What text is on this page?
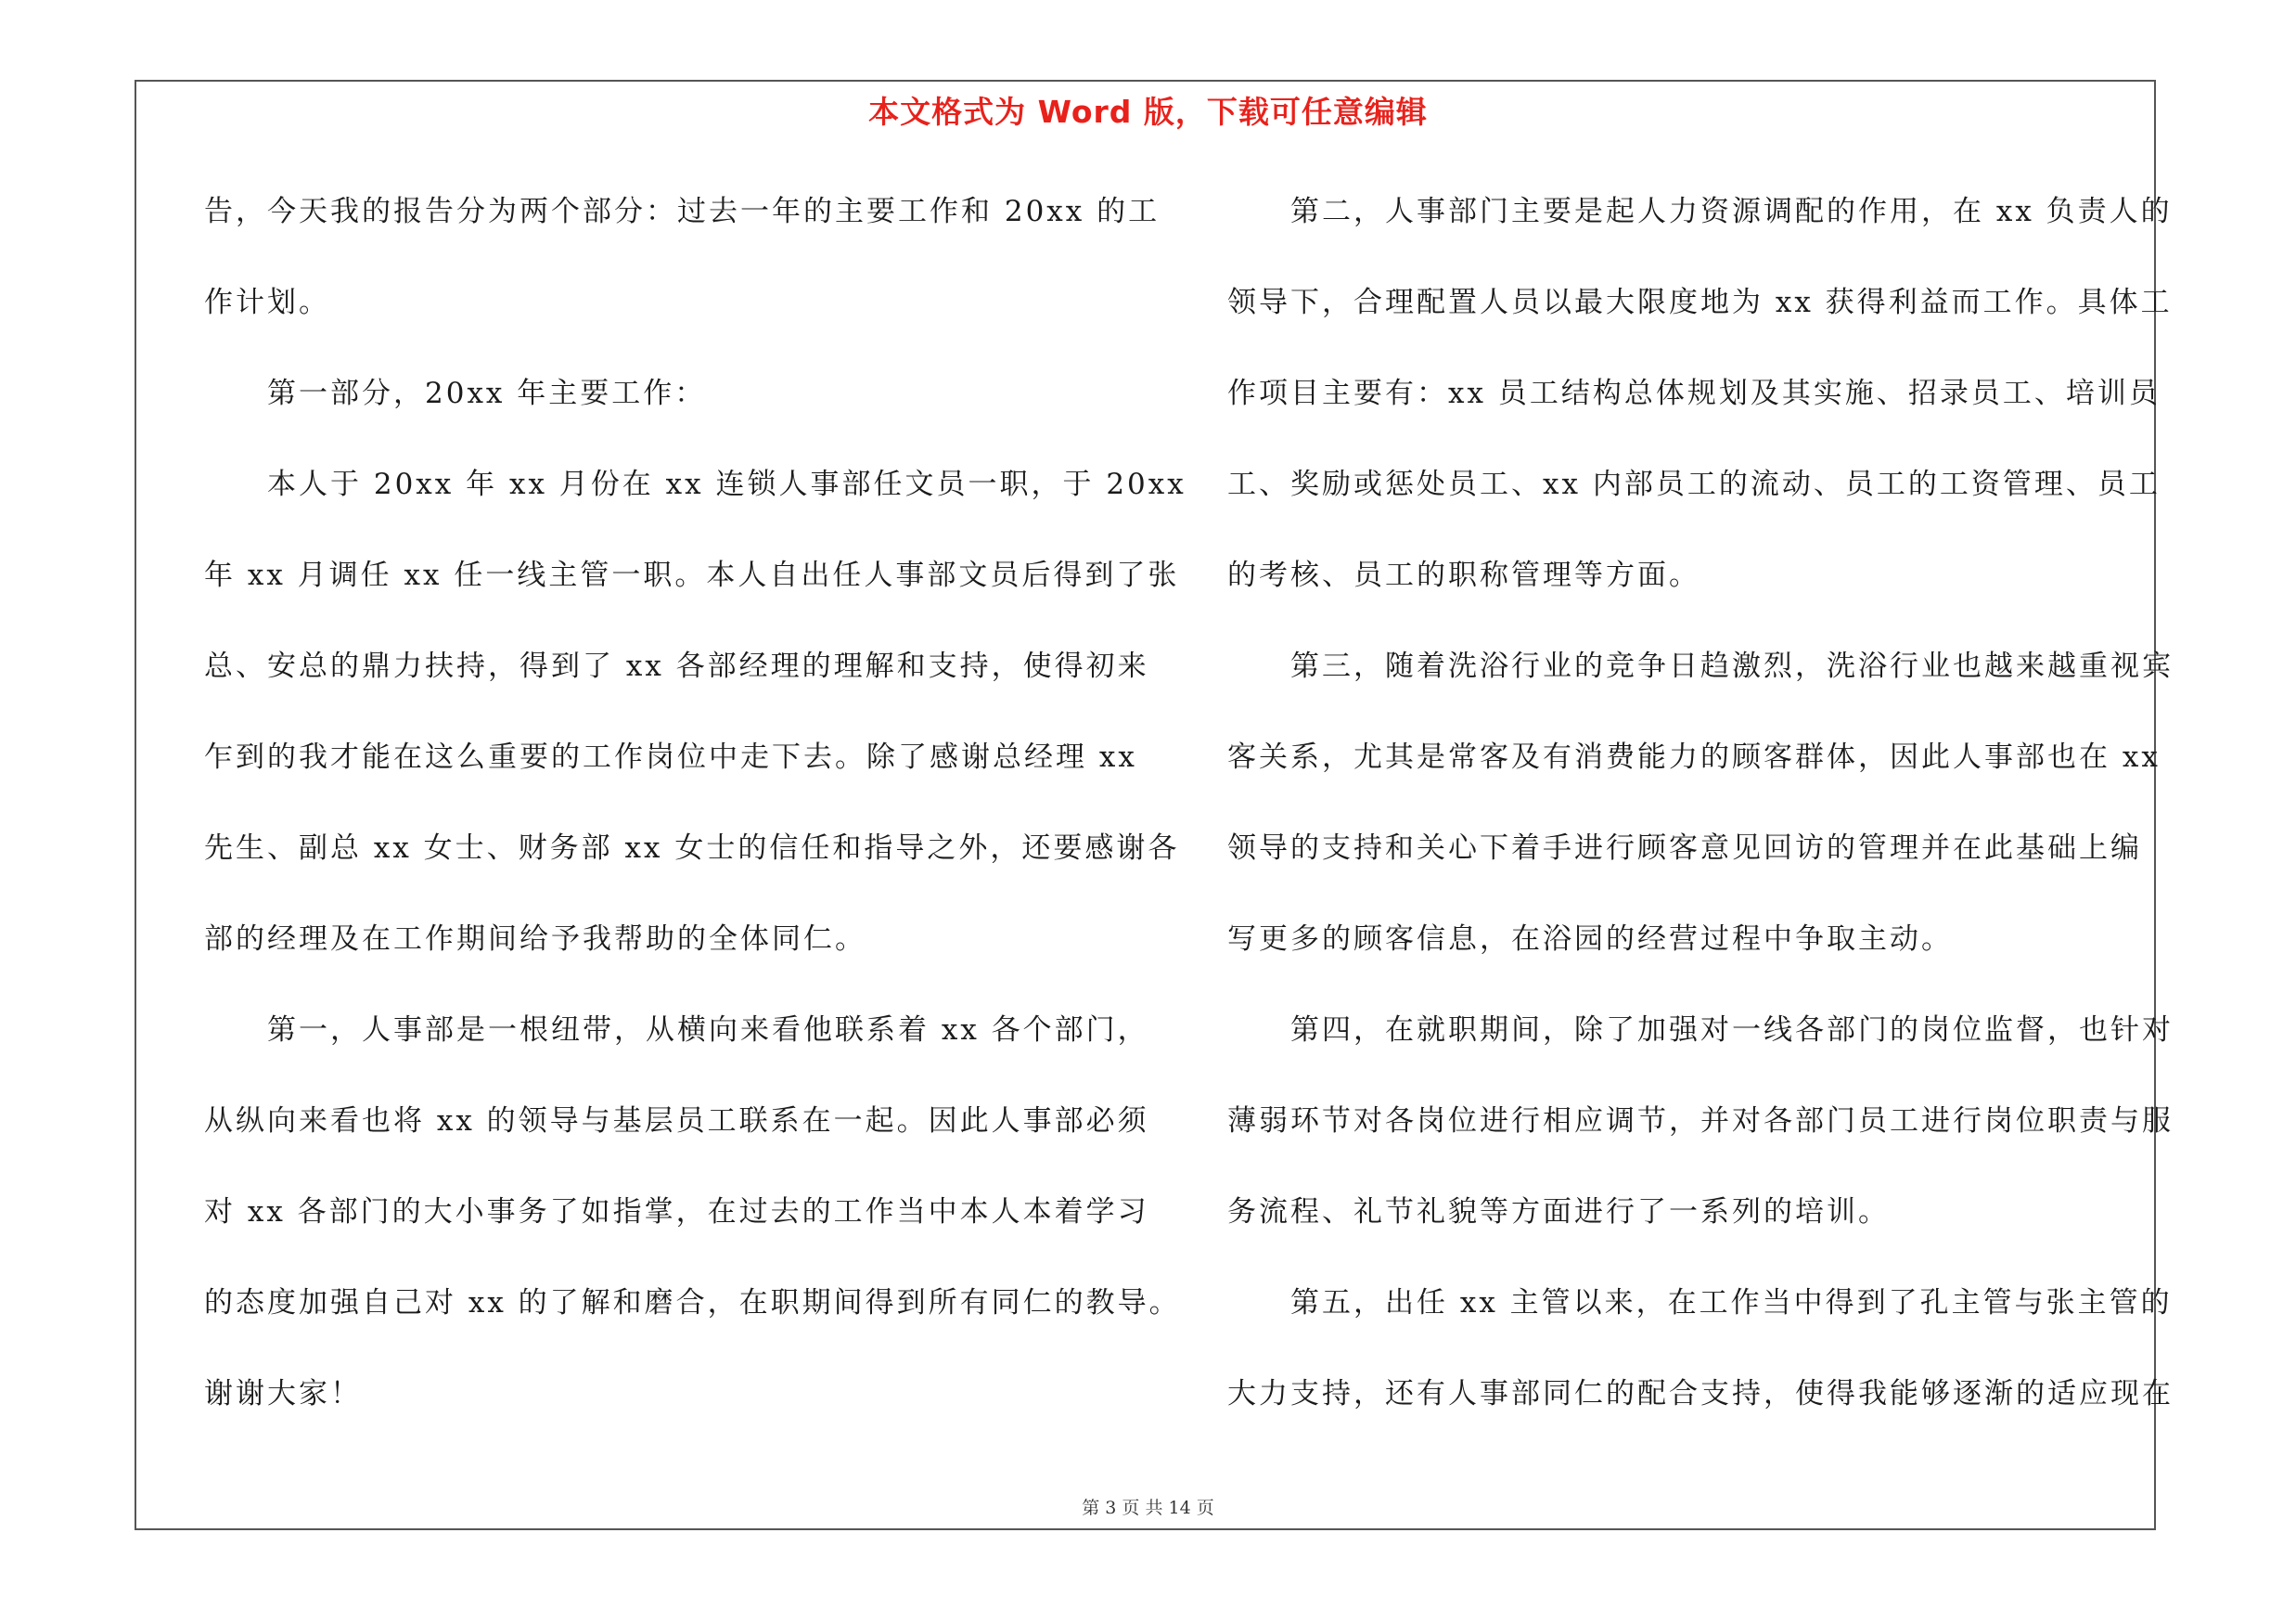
本文格式为 Word 版，下载可任意编辑
告，今天我的报告分为两个部分：过去一年的主要工作和 20xx 的工
作计划。
第一部分，20xx 年主要工作：
本人于 20xx 年 xx 月份在 xx 连锁人事部任文员一职，于 20xx
年 xx 月调任 xx 任一线主管一职。本人自出任人事部文员后得到了张
总、安总的鼎力扶持，得到了 xx 各部经理的理解和支持，使得初来
乍到的我才能在这么重要的工作岗位中走下去。除了感谢总经理 xx
先生、副总 xx 女士、财务部 xx 女士的信任和指导之外，还要感谢各
部的经理及在工作期间给予我帮助的全体同仁。
第一，人事部是一根纽带，从横向来看他联系着 xx 各个部门，
从纵向来看也将 xx 的领导与基层员工联系在一起。因此人事部必须
对 xx 各部门的大小事务了如指掌，在过去的工作当中本人本着学习
的态度加强自己对 xx 的了解和磨合，在职期间得到所有同仁的教导。
谢谢大家！
第二，人事部门主要是起人力资源调配的作用，在 xx 负责人的
领导下，合理配置人员以最大限度地为 xx 获得利益而工作。具体工
作项目主要有：xx 员工结构总体规划及其实施、招录员工、培训员
工、奖励或惩处员工、xx 内部员工的流动、员工的工资管理、员工
的考核、员工的职称管理等方面。
第三，随着洗浴行业的竞争日趋激烈，洗浴行业也越来越重视宾
客关系，尤其是常客及有消费能力的顾客群体，因此人事部也在 xx
领导的支持和关心下着手进行顾客意见回访的管理并在此基础上编
写更多的顾客信息，在浴园的经营过程中争取主动。
第四，在就职期间，除了加强对一线各部门的岗位监督，也针对
薄弱环节对各岗位进行相应调节，并对各部门员工进行岗位职责与服
务流程、礼节礼貌等方面进行了一系列的培训。
第五，出任 xx 主管以来，在工作当中得到了孔主管与张主管的
大力支持，还有人事部同仁的配合支持，使得我能够逐渐的适应现在
第 3 页 共 14 页
